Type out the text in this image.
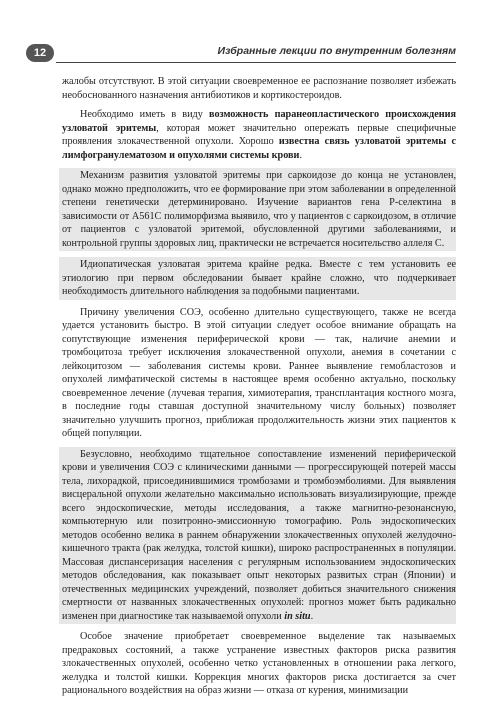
12	Избранные лекции по внутренним болезням

жалобы отсутствуют. В этой ситуации своевременное ее распознание позволяет избежать необоснованного назначения антибиотиков и кортикостероидов.

Необходимо иметь в виду возможность паранеопластического происхождения узловатой эритемы, которая может значительно опережать первые специфичные проявления злокачественной опухоли. Хорошо известна связь узловатой эритемы с лимфогранулематозом и опухолями системы крови.

Механизм развития узловатой эритемы при саркоидозе до конца не установлен, однако можно предположить, что ее формирование при этом заболевании в определенной степени генетически детерминировано. Изучение вариантов гена Р-селектина в зависимости от А561С полиморфизма выявило, что у пациентов с саркоидозом, в отличие от пациентов с узловатой эритемой, обусловленной другими заболеваниями, и контрольной группы здоровых лиц, практически не встречается носительство аллеля С.

Идиопатическая узловатая эритема крайне редка. Вместе с тем установить ее этиологию при первом обследовании бывает крайне сложно, что подчеркивает необходимость длительного наблюдения за подобными пациентами.

Причину увеличения СОЭ, особенно длительно существующего, также не всегда удается установить быстро. В этой ситуации следует особое внимание обращать на сопутствующие изменения периферической крови — так, наличие анемии и тромбоцитоза требует исключения злокачественной опухоли, анемия в сочетании с лейкоцитозом — заболевания системы крови. Раннее выявление гемобластозов и опухолей лимфатической системы в настоящее время особенно актуально, поскольку своевременное лечение (лучевая терапия, химиотерапия, трансплантация костного мозга, в последние годы ставшая доступной значительному числу больных) позволяет значительно улучшить прогноз, приближая продолжительность жизни этих пациентов к общей популяции.

Безусловно, необходимо тщательное сопоставление изменений периферической крови и увеличения СОЭ с клиническими данными — прогрессирующей потерей массы тела, лихорадкой, присоединившимися тромбозами и тромбоэмболиями. Для выявления висцеральной опухоли желательно максимально использовать визуализирующие, прежде всего эндоскопические, методы исследования, а также магнитно-резонансную, компьютерную или позитронно-эмиссионную томографию. Роль эндоскопических методов особенно велика в раннем обнаружении злокачественных опухолей желудочно-кишечного тракта (рак желудка, толстой кишки), широко распространенных в популяции. Массовая диспансеризация населения с регулярным использованием эндоскопических методов обследования, как показывает опыт некоторых развитых стран (Японии) и отечественных медицинских учреждений, позволяет добиться значительного снижения смертности от названных злокачественных опухолей: прогноз может быть радикально изменен при диагностике так называемой опухоли in situ.

Особое значение приобретает своевременное выделение так называемых предраковых состояний, а также устранение известных факторов риска развития злокачественных опухолей, особенно четко установленных в отношении рака легкого, желудка и толстой кишки. Коррекция многих факторов риска достигается за счет рационального воздействия на образ жизни — отказа от курения, минимизации
